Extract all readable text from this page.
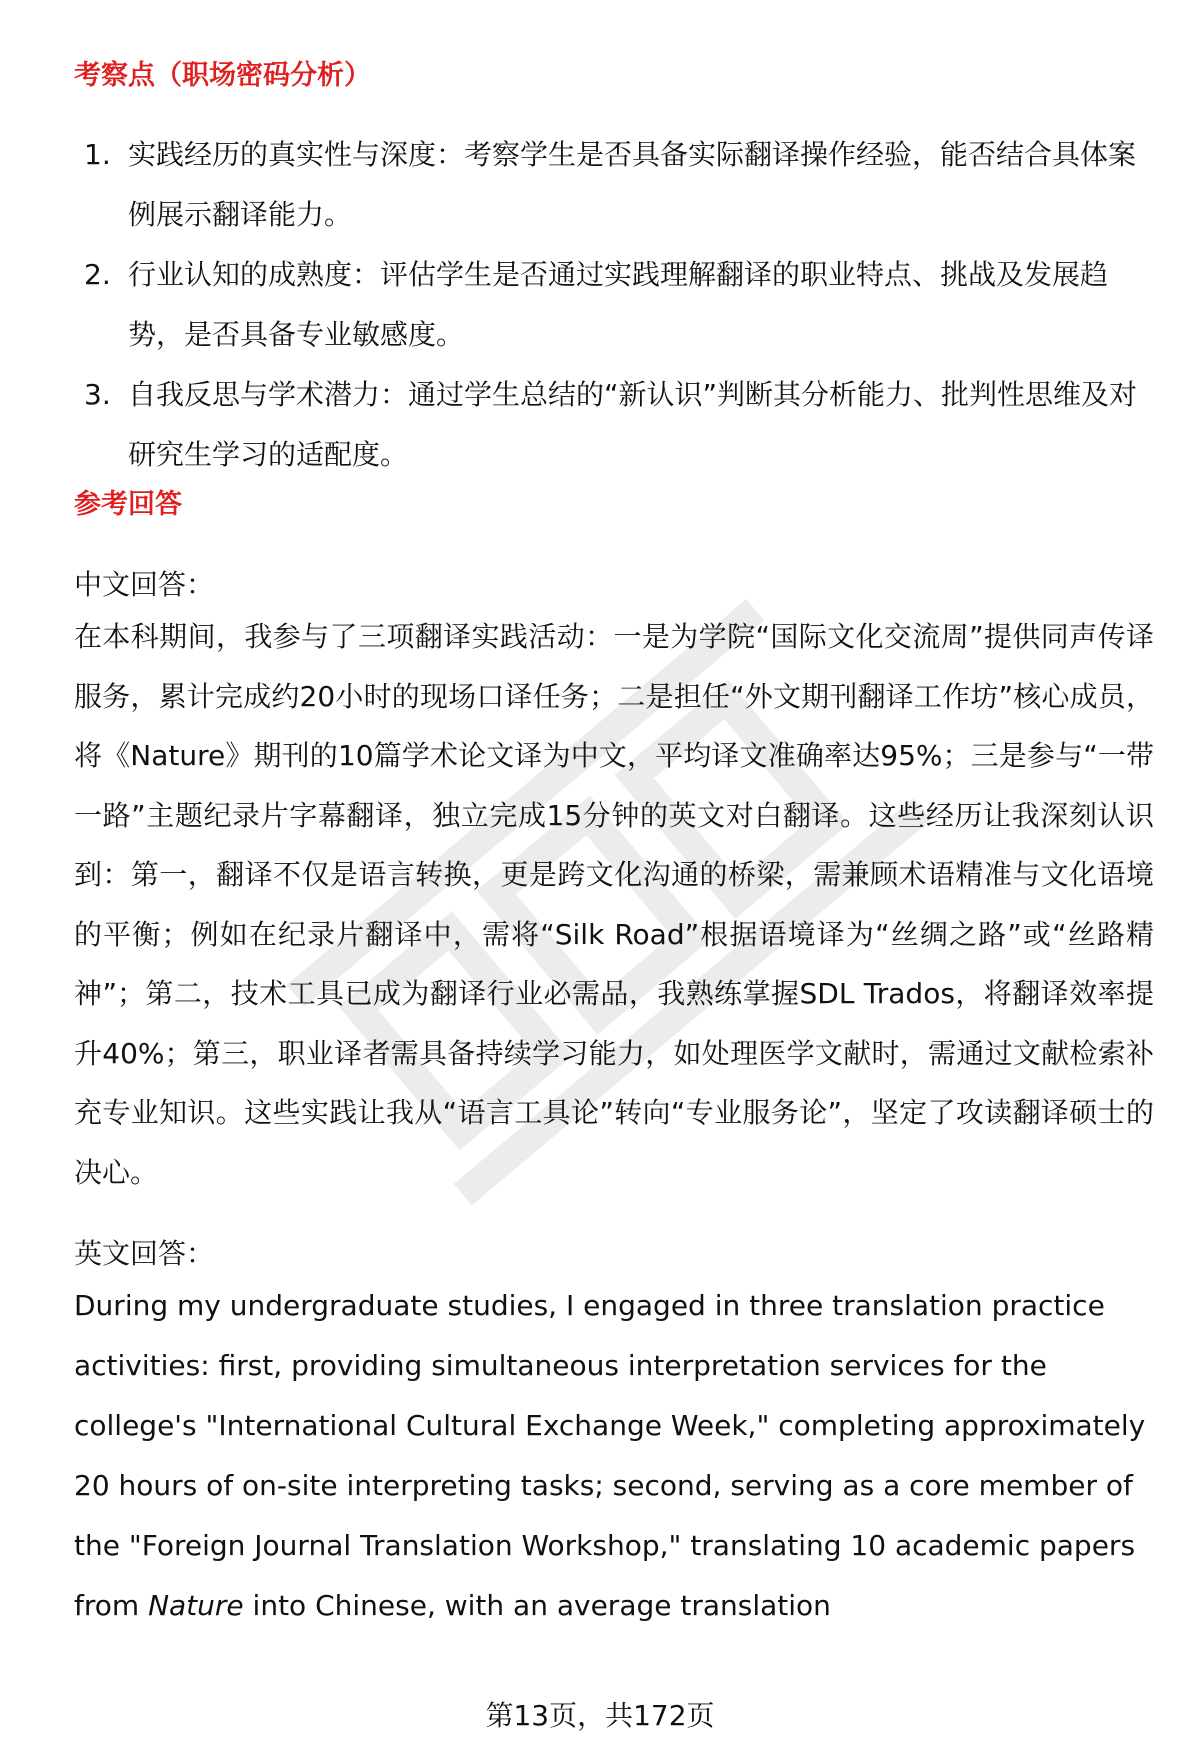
考察点（职场密码分析）
1. 实践经历的真实性与深度：考察学生是否具备实际翻译操作经验，能否结合具体案例展示翻译能力。
2. 行业认知的成熟度：评估学生是否通过实践理解翻译的职业特点、挑战及发展趋势，是否具备专业敏感度。
3. 自我反思与学术潜力：通过学生总结的“新认识”判断其分析能力、批判性思维及对研究生学习的适配度。
参考回答
中文回答：

在本科期间，我参与了三项翻译实践活动：一是为学院“国际文化交流周”提供同声传译服务，累计完成约20小时的现场口译任务；二是担任“外文期刊翻译工作坊”核心成员，将《Nature》期刊的10篇学术论文译为中文，平均译文准确率达95%；三是参与“一带一路”主题纪录片字幕翻译，独立完成15分钟的英文对白翻译。这些经历让我深刻认识到：第一，翻译不仅是语言转换，更是跨文化沟通的桥梁，需兼顾术语精准与文化语境的平衡；例如在纪录片翻译中，需将“Silk Road”根据语境译为“丝绸之路”或“丝路精神”；第二，技术工具已成为翻译行业必需品，我熟练掌握SDL Trados，将翻译效率提升40%；第三，职业译者需具备持续学习能力，如处理医学文献时，需通过文献检索补充专业知识。这些实践让我从“语言工具论”转向“专业服务论”，坚定了攻读翻译硕士的决心。

英文回答：

During my undergraduate studies, I engaged in three translation practice activities: first, providing simultaneous interpretation services for the college's "International Cultural Exchange Week," completing approximately 20 hours of on-site interpreting tasks; second, serving as a core member of the "Foreign Journal Translation Workshop," translating 10 academic papers from Nature into Chinese, with an average translation

第13页，共172页
